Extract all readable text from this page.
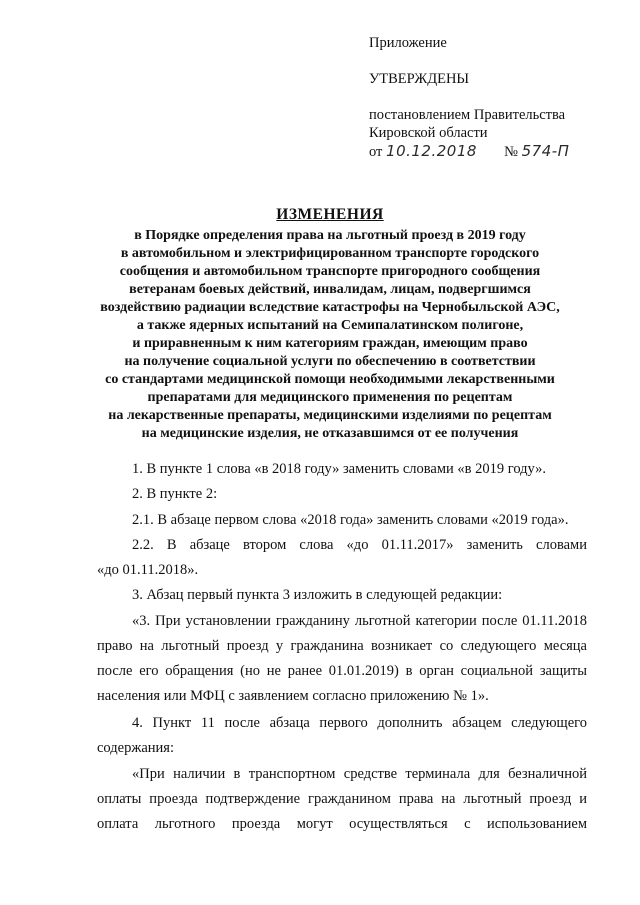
Приложение
УТВЕРЖДЕНЫ
постановлением Правительства
Кировской области
от 10.12.2018 № 574-П
ИЗМЕНЕНИЯ
в Порядке определения права на льготный проезд в 2019 году
в автомобильном и электрифицированном транспорте городского
сообщения и автомобильном транспорте пригородного сообщения
ветеранам боевых действий, инвалидам, лицам, подвергшимся
воздействию радиации вследствие катастрофы на Чернобыльской АЭС,
а также ядерных испытаний на Семипалатинском полигоне,
и приравненным к ним категориям граждан, имеющим право
на получение социальной услуги по обеспечению в соответствии
со стандартами медицинской помощи необходимыми лекарственными
препаратами для медицинского применения по рецептам
на лекарственные препараты, медицинскими изделиями по рецептам
на медицинские изделия, не отказавшимся от ее получения
1. В пункте 1 слова «в 2018 году» заменить словами «в 2019 году».
2. В пункте 2:
2.1. В абзаце первом слова «2018 года» заменить словами «2019 года».
2.2. В абзаце втором слова «до 01.11.2017» заменить словами
«до 01.11.2018».
3. Абзац первый пункта 3 изложить в следующей редакции:
«3. При установлении гражданину льготной категории после 01.11.2018
право на льготный проезд у гражданина возникает со следующего месяца
после его обращения (но не ранее 01.01.2019) в орган социальной защиты
населения или МФЦ с заявлением согласно приложению № 1».
4. Пункт 11 после абзаца первого дополнить абзацем следующего
содержания:
«При наличии в транспортном средстве терминала для безналичной
оплаты проезда подтверждение гражданином права на льготный проезд и
оплата льготного проезда могут осуществляться с использованием
